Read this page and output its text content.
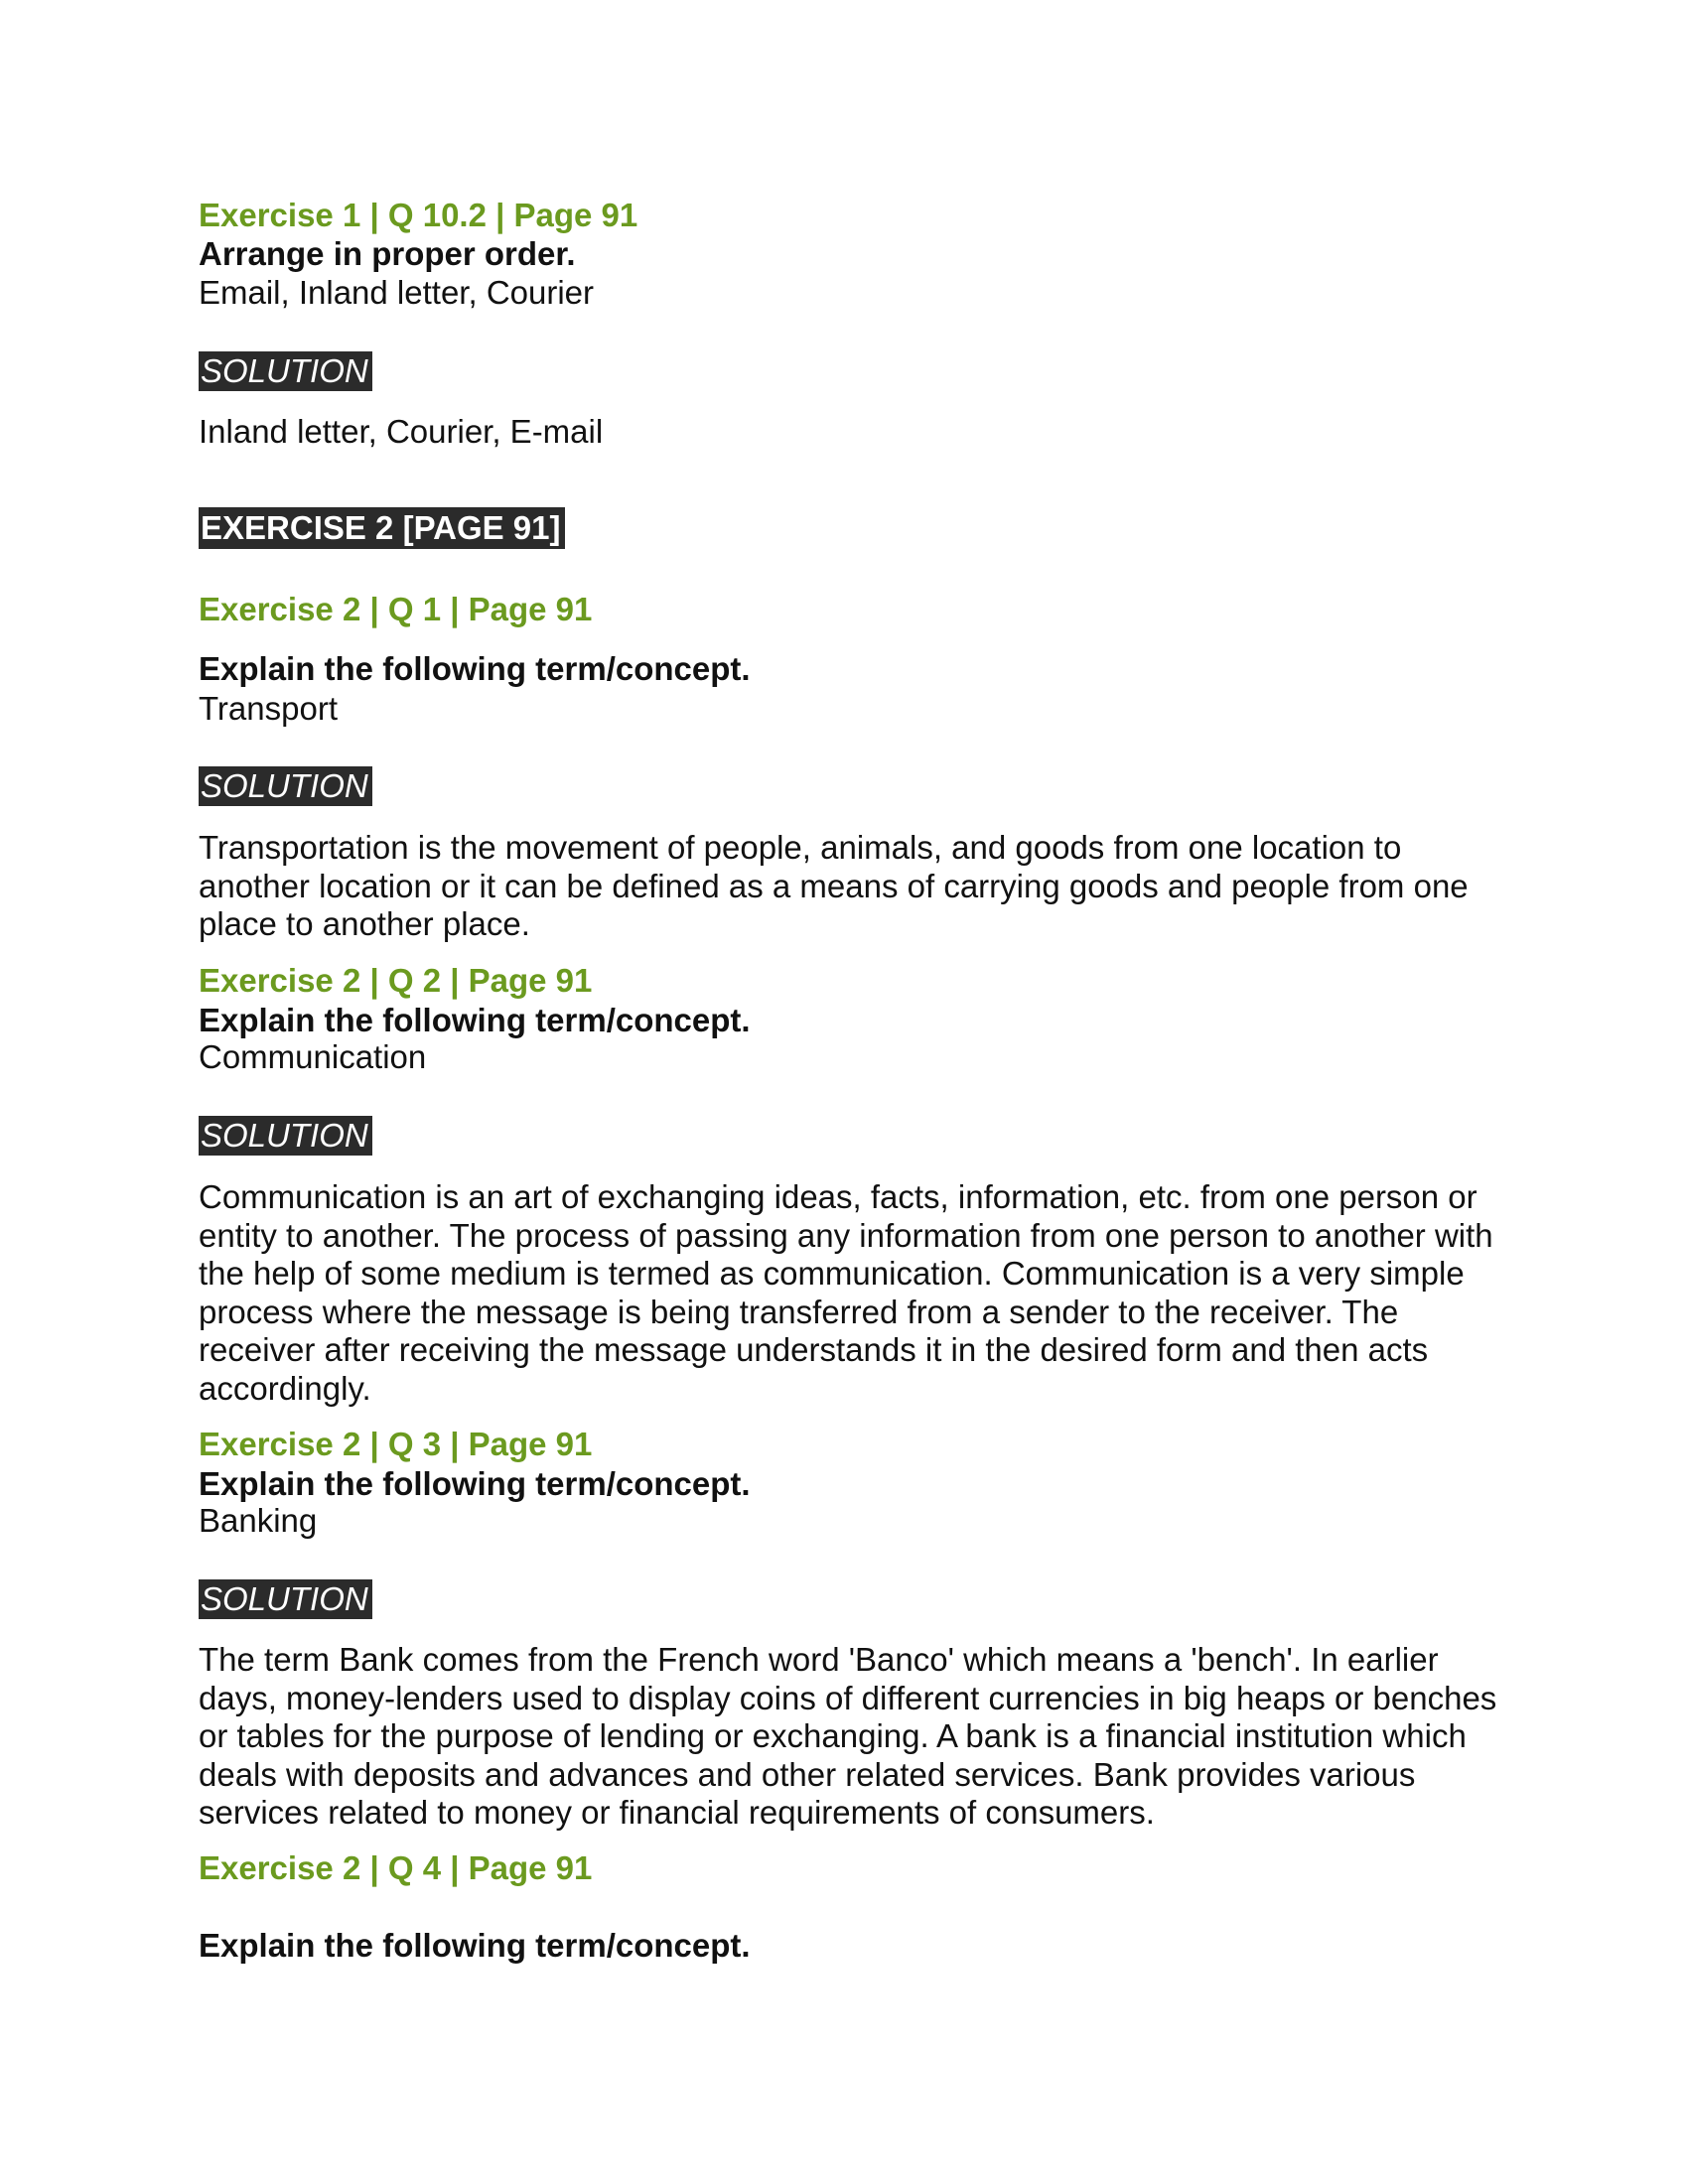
Exercise 1 | Q 10.2 | Page 91
Arrange in proper order.
Email, Inland letter, Courier
SOLUTION
Inland letter, Courier, E-mail
EXERCISE 2 [PAGE 91]
Exercise 2 | Q 1 | Page 91
Explain the following term/concept.
Transport
SOLUTION
Transportation is the movement of people, animals, and goods from one location to another location or it can be defined as a means of carrying goods and people from one place to another place.
Exercise 2 | Q 2 | Page 91
Explain the following term/concept.
Communication
SOLUTION
Communication is an art of exchanging ideas, facts, information, etc. from one person or entity to another. The process of passing any information from one person to another with the help of some medium is termed as communication. Communication is a very simple process where the message is being transferred from a sender to the receiver. The receiver after receiving the message understands it in the desired form and then acts accordingly.
Exercise 2 | Q 3 | Page 91
Explain the following term/concept.
Banking
SOLUTION
The term Bank comes from the French word 'Banco' which means a 'bench'. In earlier days, money-lenders used to display coins of different currencies in big heaps or benches or tables for the purpose of lending or exchanging. A bank is a financial institution which deals with deposits and advances and other related services. Bank provides various services related to money or financial requirements of consumers.
Exercise 2 | Q 4 | Page 91
Explain the following term/concept.
